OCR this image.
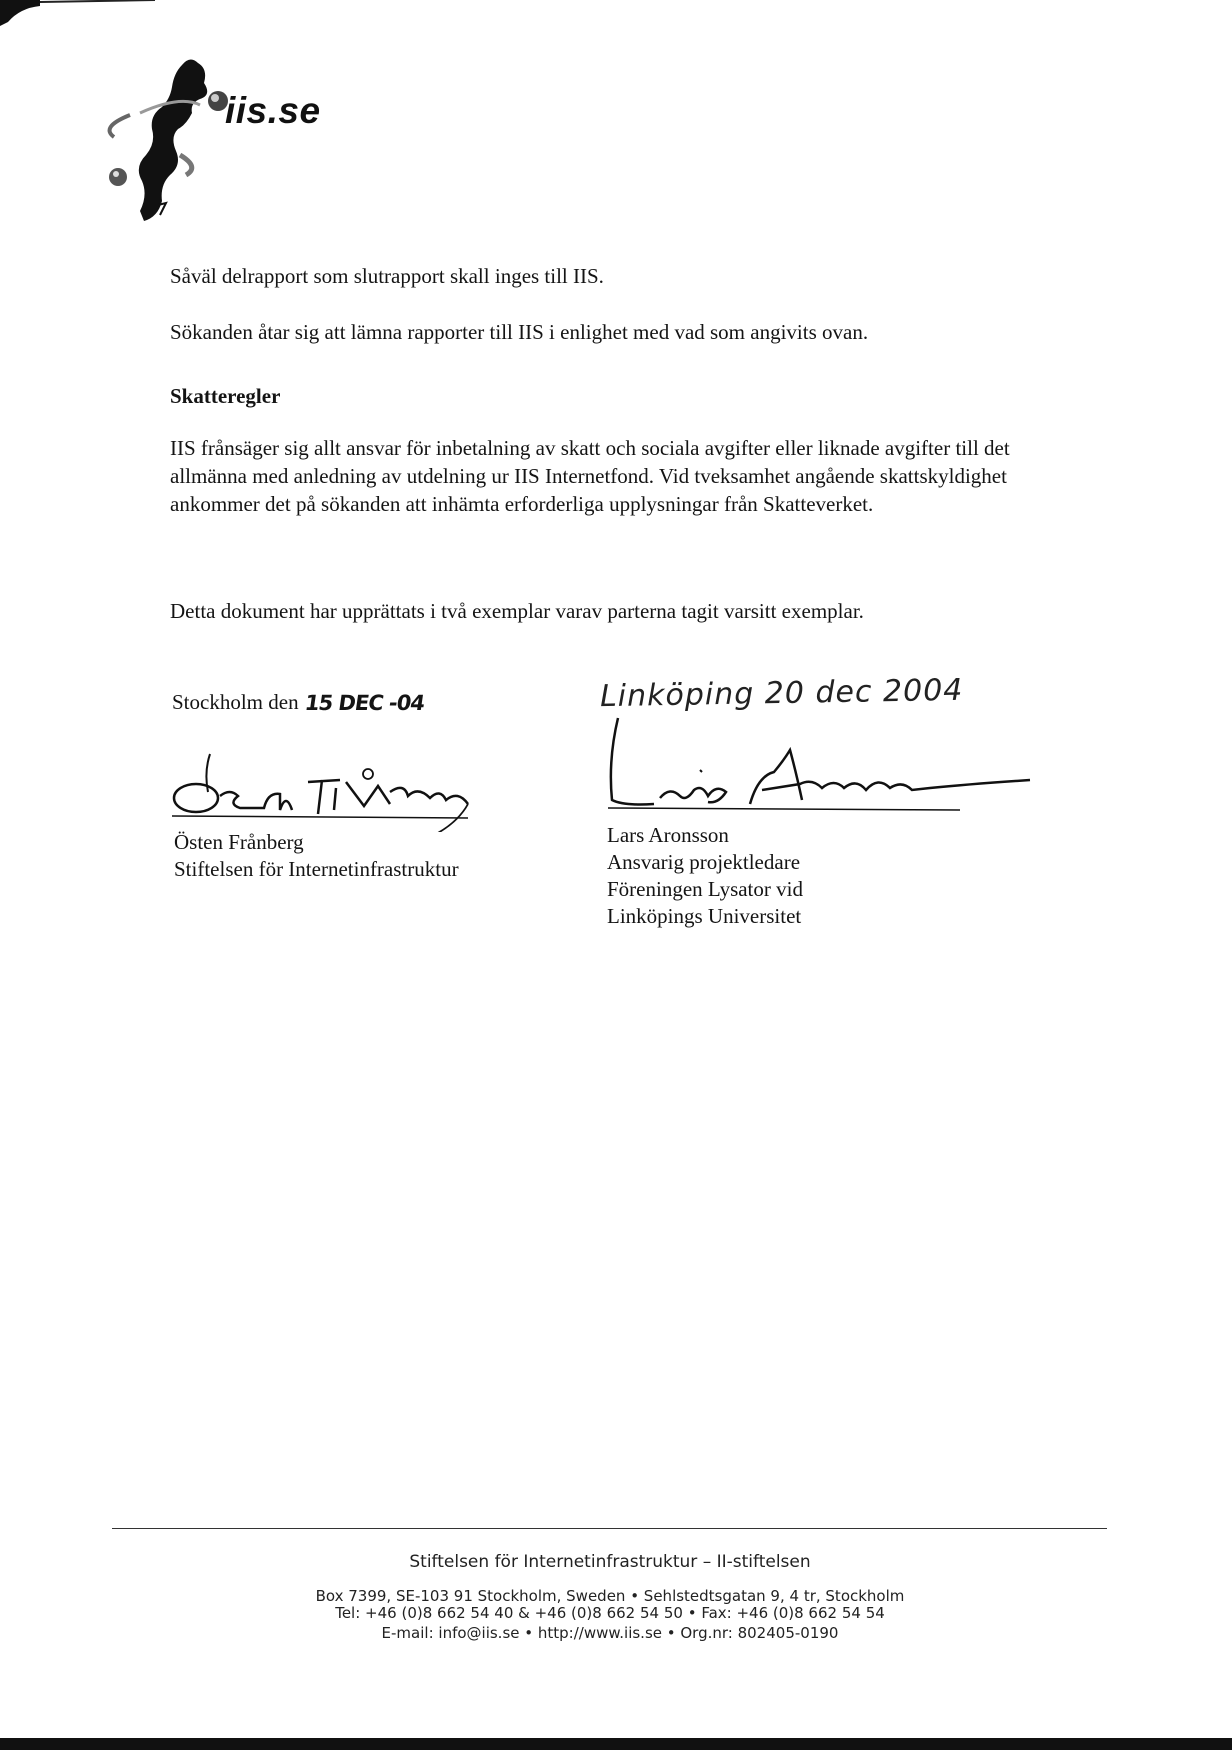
iis.se
Såväl delrapport som slutrapport skall inges till IIS.
Sökanden åtar sig att lämna rapporter till IIS i enlighet med vad som angivits ovan.
Skatteregler
IIS frånsäger sig allt ansvar för inbetalning av skatt och sociala avgifter eller liknade avgifter till det allmänna med anledning av utdelning ur IIS Internetfond. Vid tveksamhet angående skattskyldighet ankommer det på sökanden att inhämta erforderliga upplysningar från Skatteverket.
Detta dokument har upprättats i två exemplar varav parterna tagit varsitt exemplar.
Stockholm den 15 DEC -04
Östen Frånberg
Stiftelsen för Internetinfrastruktur
Linköping 20 dec 2004
Lars Aronsson
Ansvarig projektledare
Föreningen Lysator vid
Linköpings Universitet
Stiftelsen för Internetinfrastruktur – II-stiftelsen
Box 7399, SE-103 91 Stockholm, Sweden • Sehlstedtsgatan 9, 4 tr, Stockholm
Tel: +46 (0)8 662 54 40 & +46 (0)8 662 54 50 • Fax: +46 (0)8 662 54 54
E-mail: info@iis.se • http://www.iis.se • Org.nr: 802405-0190
